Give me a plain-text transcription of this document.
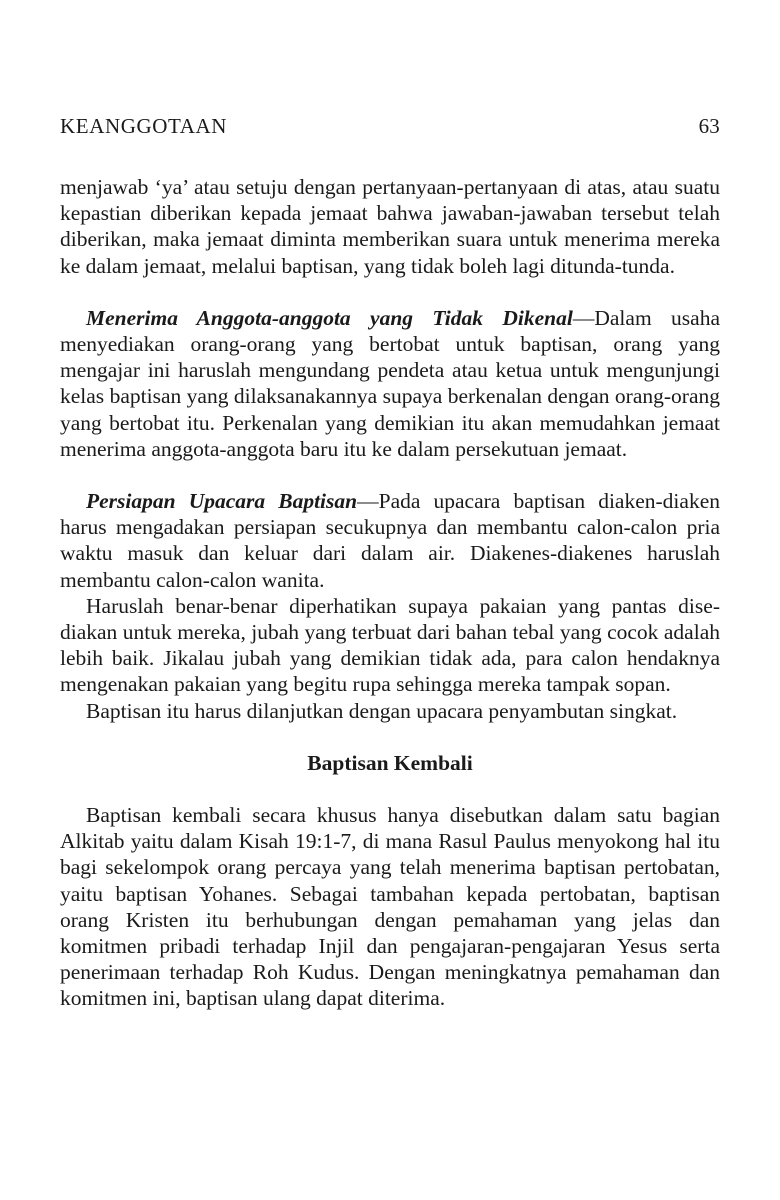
KEANGGOTAAN	63

menjawab ‘ya’ atau setuju dengan pertanyaan-pertanyaan di atas, atau suatu kepastian diberikan kepada jemaat bahwa jawaban-jawaban tersebut telah diberikan, maka jemaat diminta memberikan suara untuk menerima mereka ke dalam jemaat, melalui baptisan, yang tidak boleh lagi ditunda-tunda.

Menerima Anggota-anggota yang Tidak Dikenal—Dalam usaha menyediakan orang-orang yang bertobat untuk baptisan, orang yang mengajar ini haruslah mengundang pendeta atau ketua untuk mengunjungi kelas baptisan yang dilaksanakannya supaya berkenalan dengan orang-orang yang bertobat itu. Perkenalan yang demikian itu akan memudahkan jemaat menerima anggota-anggota baru itu ke dalam persekutuan jemaat.

Persiapan Upacara Baptisan—Pada upacara baptisan diaken-diaken harus mengadakan persiapan secukupnya dan membantu calon-calon pria waktu masuk dan keluar dari dalam air. Diakenes-diakenes haruslah membantu calon-calon wanita.

Haruslah benar-benar diperhatikan supaya pakaian yang pantas disediakan untuk mereka, jubah yang terbuat dari bahan tebal yang cocok adalah lebih baik. Jikalau jubah yang demikian tidak ada, para calon hendaknya mengenakan pakaian yang begitu rupa sehingga mereka tampak sopan.

Baptisan itu harus dilanjutkan dengan upacara penyambutan singkat.

Baptisan Kembali

Baptisan kembali secara khusus hanya disebutkan dalam satu bagian Alkitab yaitu dalam Kisah 19:1-7, di mana Rasul Paulus menyokong hal itu bagi sekelompok orang percaya yang telah menerima baptisan pertobatan, yaitu baptisan Yohanes. Sebagai tambahan kepada pertobatan, baptisan orang Kristen itu berhubungan dengan pemahaman yang jelas dan komitmen pribadi terhadap Injil dan pengajaran-pengajaran Yesus serta penerimaan terhadap Roh Kudus. Dengan meningkatnya pemahaman dan komitmen ini, baptisan ulang dapat diterima.
